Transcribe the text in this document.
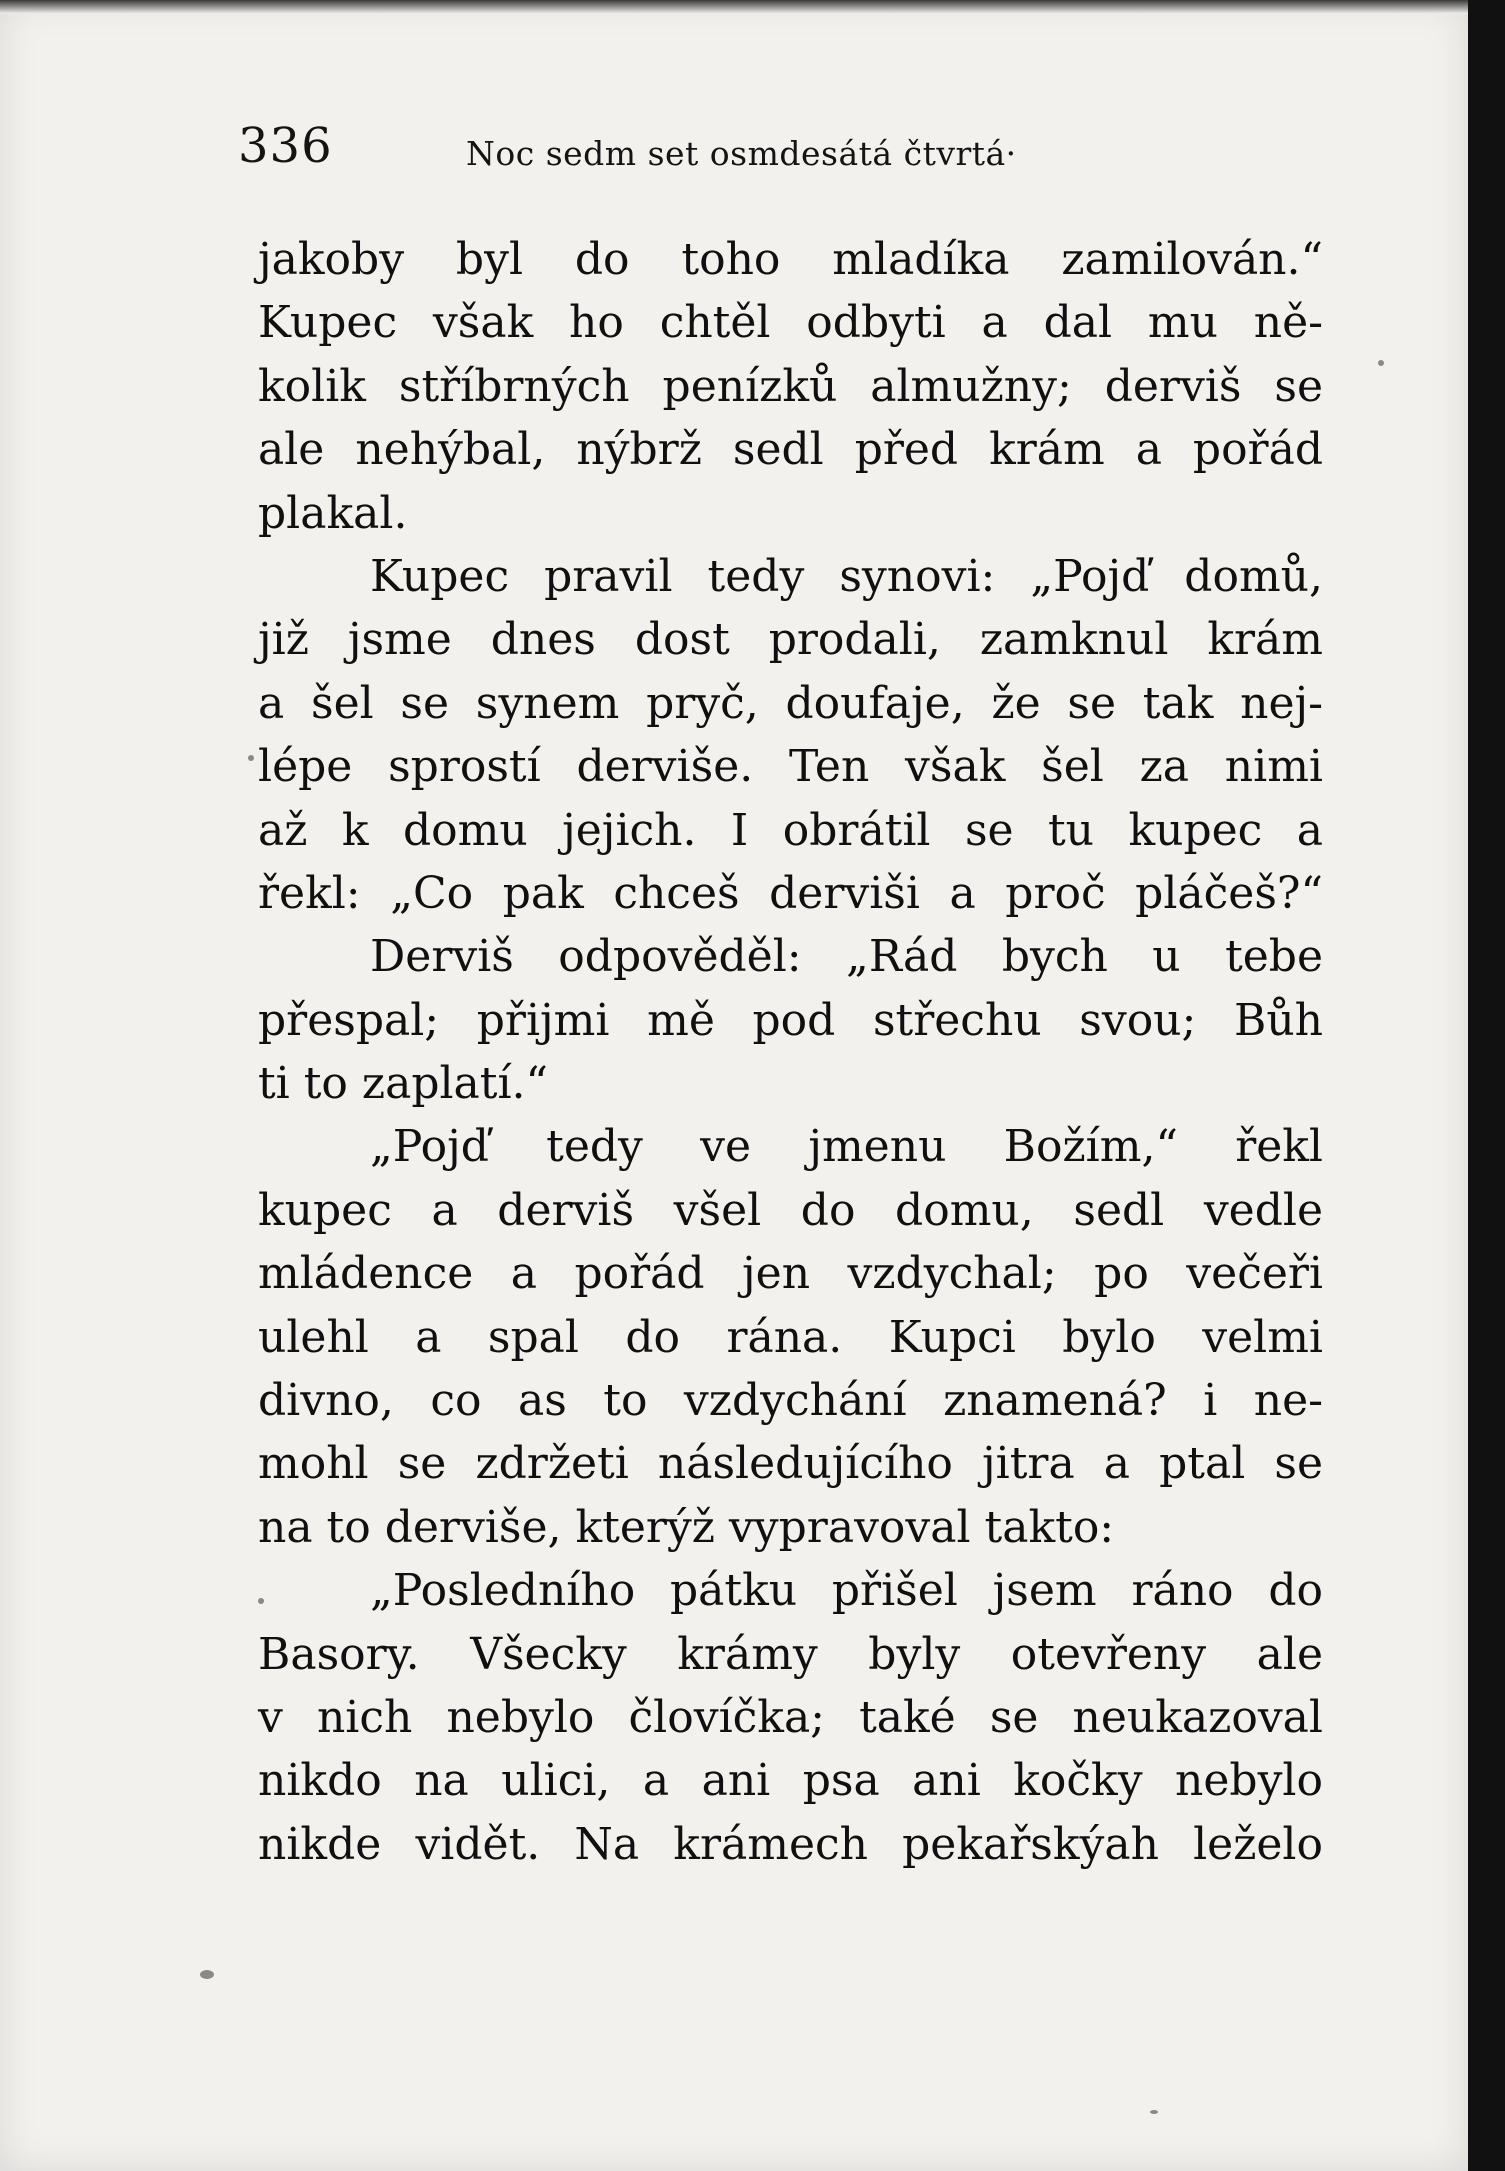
336	Noc sedm set osmdesátá čtvrtá·
jakoby byl do toho mladíka zamilován.“
Kupec však ho chtěl odbyti a dal mu ně-
kolik stříbrných penízků almužny; derviš se
ale nehýbal, nýbrž sedl před krám a pořád
plakal.
Kupec pravil tedy synovi: „Pojď domů,
již jsme dnes dost prodali, zamknul krám
a šel se synem pryč, doufaje, že se tak nej-
lépe sprostí derviše. Ten však šel za nimi
až k domu jejich. I obrátil se tu kupec a
řekl: „Co pak chceš derviši a proč pláčeš?“
Derviš odpověděl: „Rád bych u tebe
přespal; přijmi mě pod střechu svou; Bůh
ti to zaplatí.“
„Pojď tedy ve jmenu Božím,“ řekl
kupec a derviš všel do domu, sedl vedle
mládence a pořád jen vzdychal; po večeři
ulehl a spal do rána. Kupci bylo velmi
divno, co as to vzdychání znamená? i ne-
mohl se zdržeti následujícího jitra a ptal se
na to derviše, kterýž vypravoval takto:
„Posledního pátku přišel jsem ráno do
Basory. Všecky krámy byly otevřeny ale
v nich nebylo človíčka; také se neukazoval
nikdo na ulici, a ani psa ani kočky nebylo
nikde vidět. Na krámech pekařskýah leželo
